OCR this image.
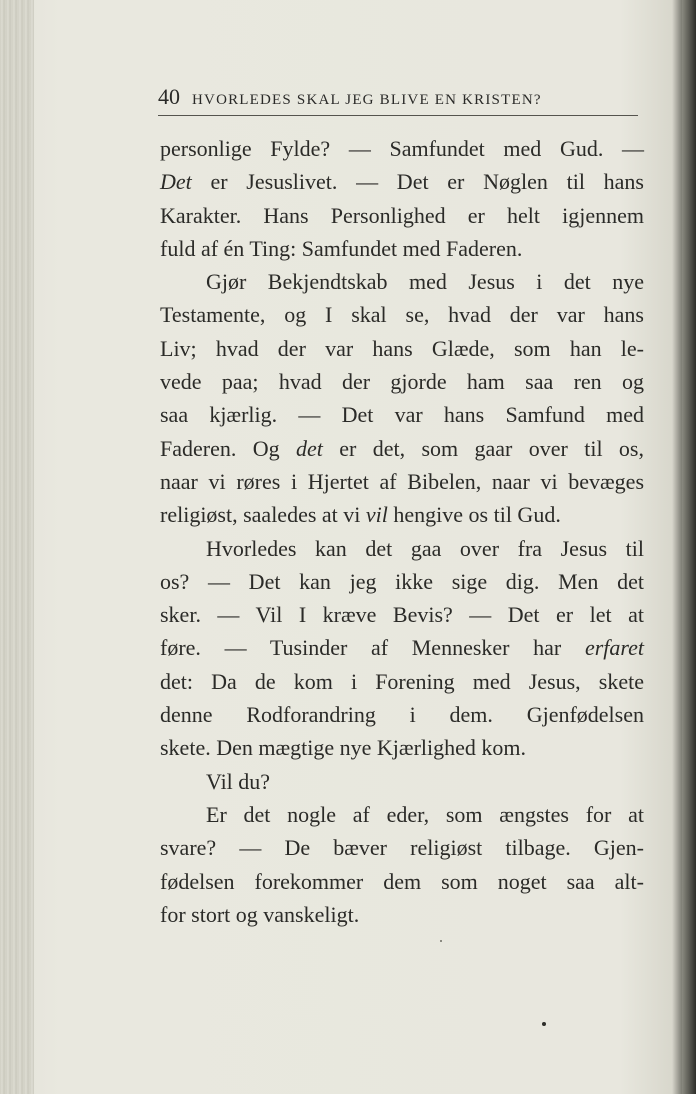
40 HVORLEDES SKAL JEG BLIVE EN KRISTEN?
personlige Fylde? — Samfundet med Gud. —
Det er Jesuslivet. — Det er Nøglen til hans
Karakter. Hans Personlighed er helt igjennem
fuld af én Ting: Samfundet med Faderen.
Gjør Bekjendtskab med Jesus i det nye
Testamente, og I skal se, hvad der var hans
Liv; hvad der var hans Glæde, som han le-
vede paa; hvad der gjorde ham saa ren og
saa kjærlig. — Det var hans Samfund med
Faderen. Og det er det, som gaar over til os,
naar vi røres i Hjertet af Bibelen, naar vi bevæges
religiøst, saaledes at vi vil hengive os til Gud.
Hvorledes kan det gaa over fra Jesus til
os? — Det kan jeg ikke sige dig. Men det
sker. — Vil I kræve Bevis? — Det er let at
føre. — Tusinder af Mennesker har erfaret
det: Da de kom i Forening med Jesus, skete
denne Rodforandring i dem. Gjenfødelsen
skete. Den mægtige nye Kjærlighed kom.
Vil du?
Er det nogle af eder, som ængstes for at
svare? — De bæver religiøst tilbage. Gjen-
fødelsen forekommer dem som noget saa alt-
for stort og vanskeligt.
